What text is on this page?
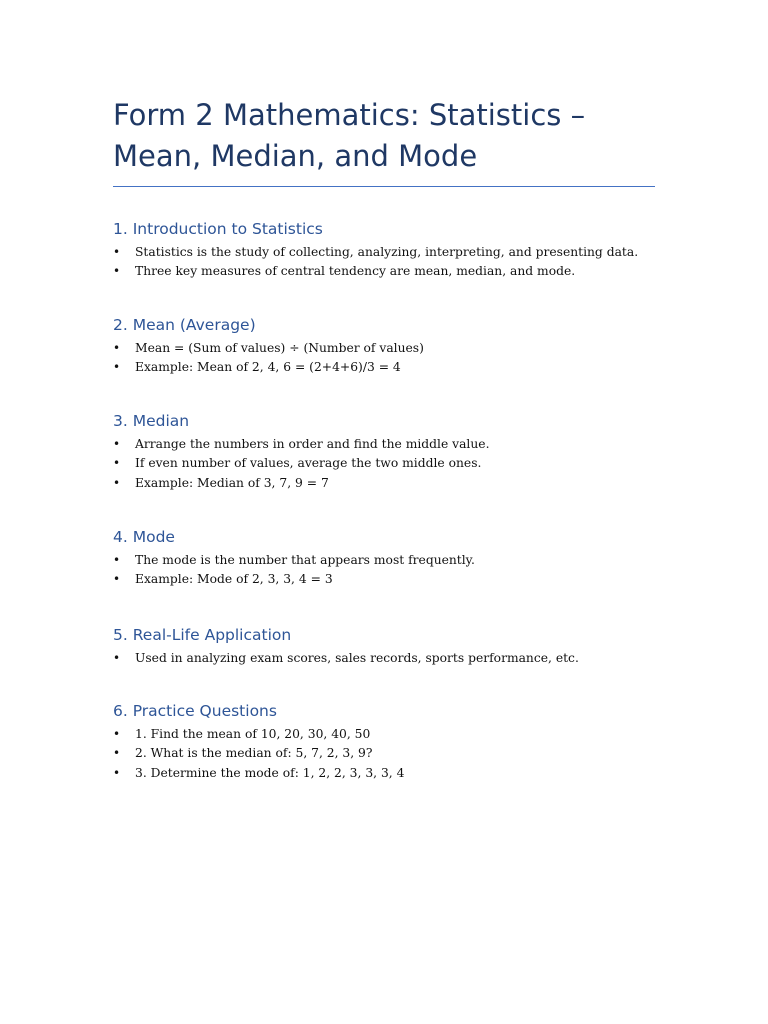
Form 2 Mathematics: Statistics – Mean, Median, and Mode
1. Introduction to Statistics
• Statistics is the study of collecting, analyzing, interpreting, and presenting data.
• Three key measures of central tendency are mean, median, and mode.
2. Mean (Average)
• Mean = (Sum of values) ÷ (Number of values)
• Example: Mean of 2, 4, 6 = (2+4+6)/3 = 4
3. Median
• Arrange the numbers in order and find the middle value.
• If even number of values, average the two middle ones.
• Example: Median of 3, 7, 9 = 7
4. Mode
• The mode is the number that appears most frequently.
• Example: Mode of 2, 3, 3, 4 = 3
5. Real-Life Application
• Used in analyzing exam scores, sales records, sports performance, etc.
6. Practice Questions
• 1. Find the mean of 10, 20, 30, 40, 50
• 2. What is the median of: 5, 7, 2, 3, 9?
• 3. Determine the mode of: 1, 2, 2, 3, 3, 3, 4
